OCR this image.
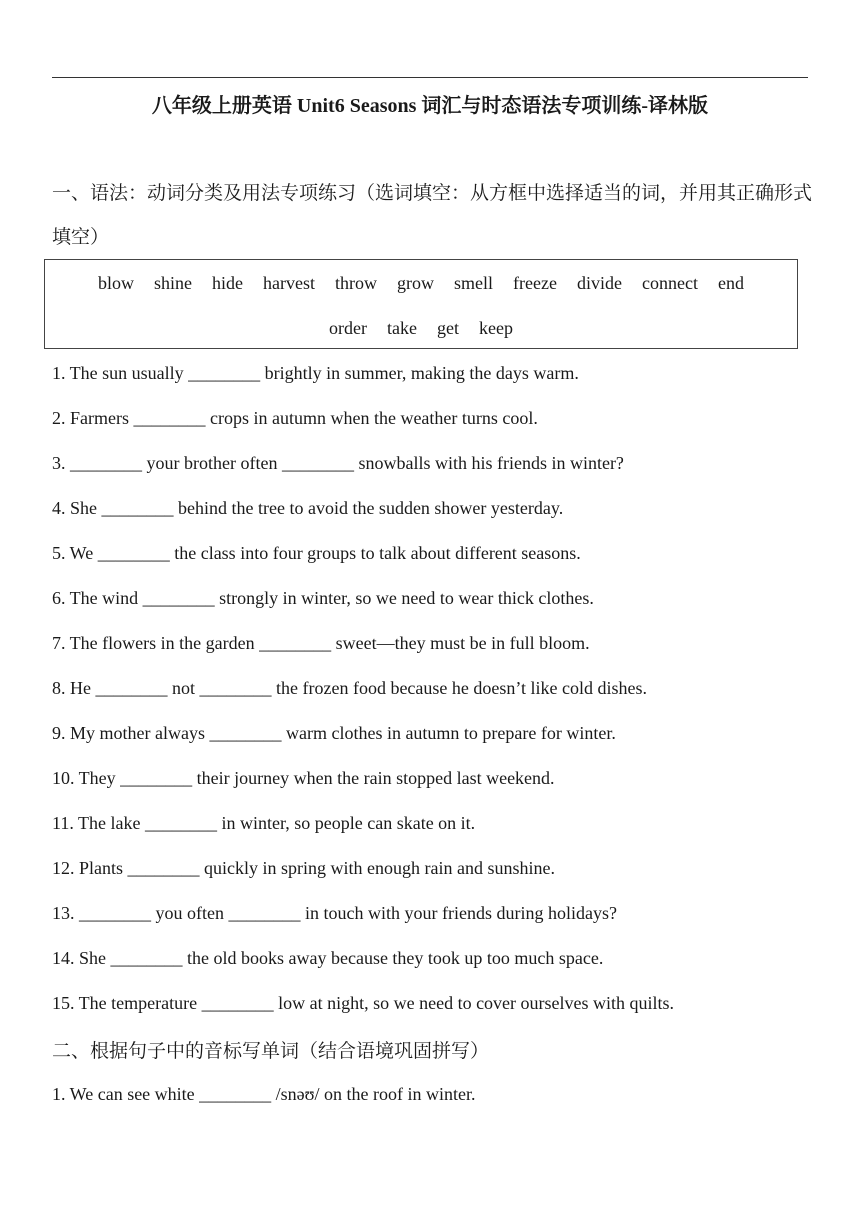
八年级上册英语 Unit6 Seasons 词汇与时态语法专项训练-译林版
一、语法：动词分类及用法专项练习（选词填空：从方框中选择适当的词，并用其正确形式填空）
blow shine hide harvest throw grow smell freeze divide connect end
order take get keep
1. The sun usually ________ brightly in summer, making the days warm.
2. Farmers ________ crops in autumn when the weather turns cool.
3. ________ your brother often ________ snowballs with his friends in winter?
4. She ________ behind the tree to avoid the sudden shower yesterday.
5. We ________ the class into four groups to talk about different seasons.
6. The wind ________ strongly in winter, so we need to wear thick clothes.
7. The flowers in the garden ________ sweet—they must be in full bloom.
8. He ________ not ________ the frozen food because he doesn’t like cold dishes.
9. My mother always ________ warm clothes in autumn to prepare for winter.
10. They ________ their journey when the rain stopped last weekend.
11. The lake ________ in winter, so people can skate on it.
12. Plants ________ quickly in spring with enough rain and sunshine.
13. ________ you often ________ in touch with your friends during holidays?
14. She ________ the old books away because they took up too much space.
15. The temperature ________ low at night, so we need to cover ourselves with quilts.
二、根据句子中的音标写单词（结合语境巩固拼写）
1. We can see white ________ /snəʊ/ on the roof in winter.
